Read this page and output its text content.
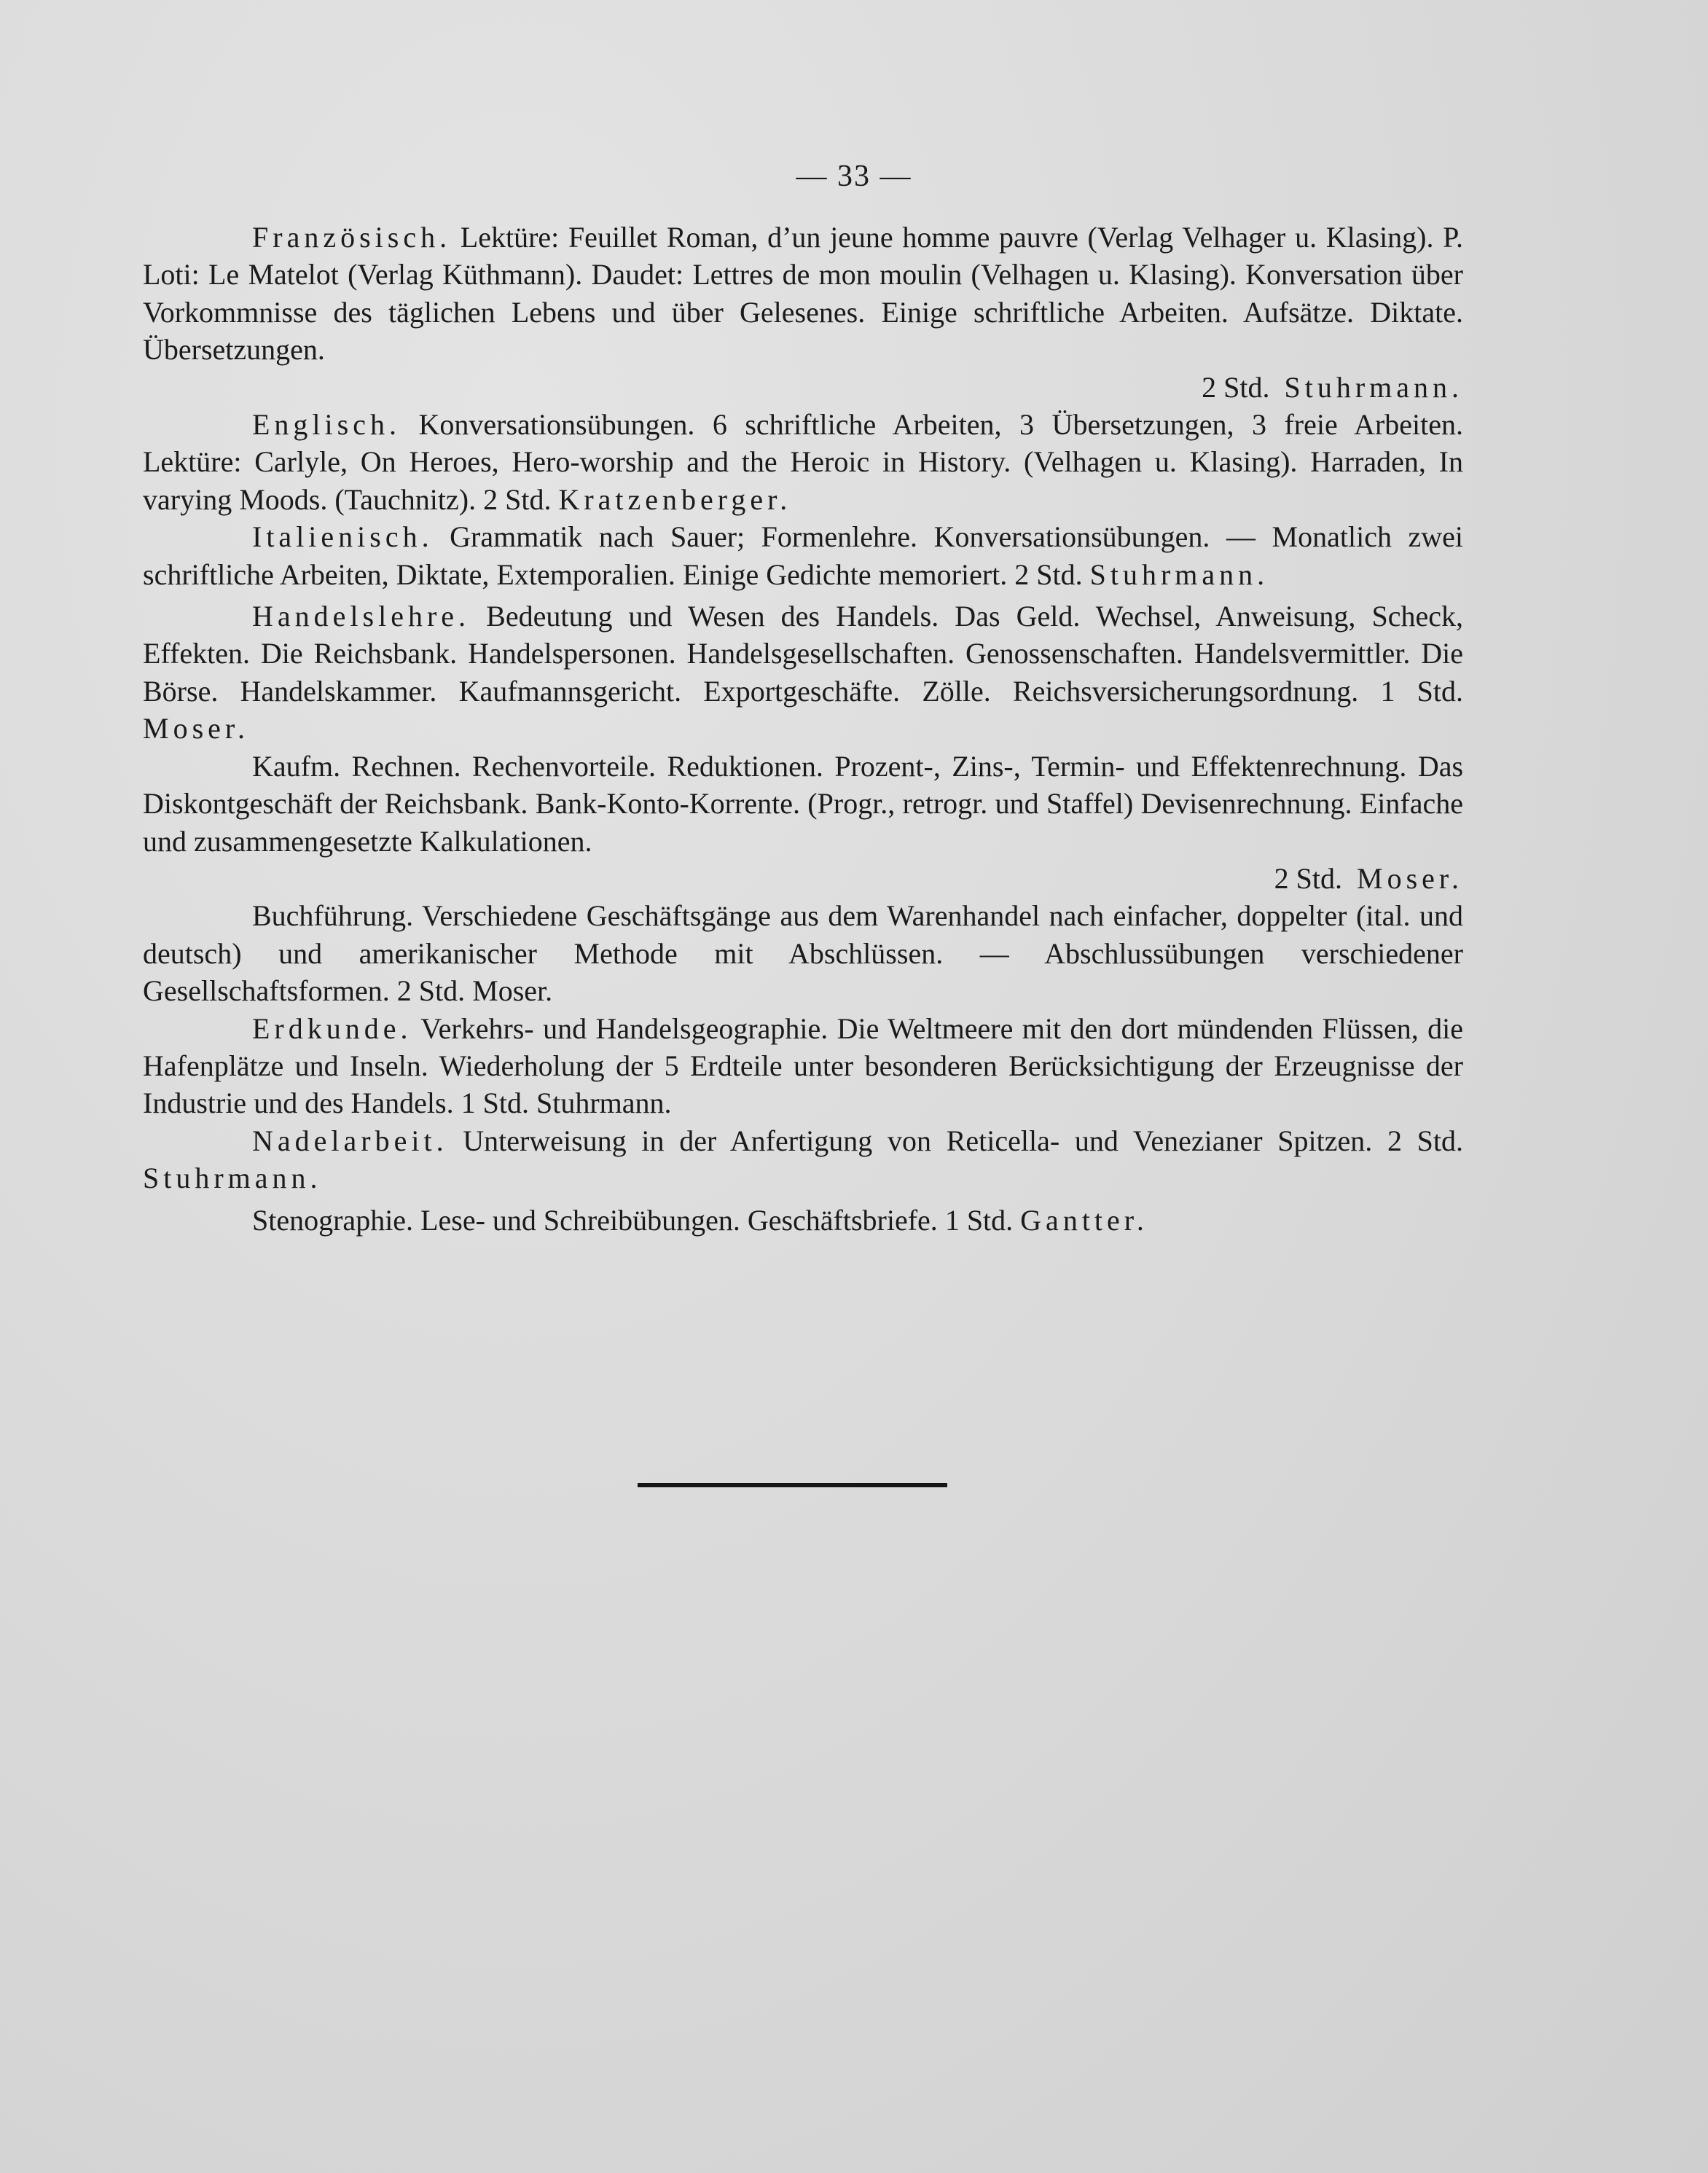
— 33 —

Französisch. Lektüre: Feuillet Roman, d’un jeune homme pauvre (Verlag Velhager u. Klasing). P. Loti: Le Matelot (Verlag Küthmann). Daudet: Lettres de mon moulin (Velhagen u. Klasing). Konversation über Vorkommnisse des täglichen Lebens und über Gelesenes. Einige schriftliche Arbeiten. Aufsätze. Diktate. Übersetzungen.
2 Std. Stuhrmann.

Englisch. Konversationsübungen. 6 schriftliche Arbeiten, 3 Übersetzungen, 3 freie Arbeiten. Lektüre: Carlyle, On Heroes, Hero-worship and the Heroic in History. (Velhagen u. Klasing). Harraden, In varying Moods. (Tauchnitz). 2 Std. Kratzenberger.

Italienisch. Grammatik nach Sauer; Formenlehre. Konversationsübungen. — Monatlich zwei schriftliche Arbeiten, Diktate, Extemporalien. Einige Gedichte memoriert. 2 Std. Stuhrmann.

Handelslehre. Bedeutung und Wesen des Handels. Das Geld. Wechsel, Anweisung, Scheck, Effekten. Die Reichsbank. Handelspersonen. Handelsgesellschaften. Genossenschaften. Handelsvermittler. Die Börse. Handelskammer. Kaufmannsgericht. Exportgeschäfte. Zölle. Reichsversicherungsordnung. 1 Std. Moser.

Kaufm. Rechnen. Rechenvorteile. Reduktionen. Prozent-, Zins-, Termin- und Effektenrechnung. Das Diskontgeschäft der Reichsbank. Bank-Konto-Korrente. (Progr., retrogr. und Staffel) Devisenrechnung. Einfache und zusammengesetzte Kalkulationen.
2 Std. Moser.

Buchführung. Verschiedene Geschäftsgänge aus dem Warenhandel nach einfacher, doppelter (ital. und deutsch) und amerikanischer Methode mit Abschlüssen. — Abschlussübungen verschiedener Gesellschaftsformen. 2 Std. Moser.

Erdkunde. Verkehrs- und Handelsgeographie. Die Weltmeere mit den dort mündenden Flüssen, die Hafenplätze und Inseln. Wiederholung der 5 Erdteile unter besonderen Berücksichtigung der Erzeugnisse der Industrie und des Handels. 1 Std. Stuhrmann.

Nadelarbeit. Unterweisung in der Anfertigung von Reticella- und Venezianer Spitzen. 2 Std. Stuhrmann.

Stenographie. Lese- und Schreibübungen. Geschäftsbriefe. 1 Std. Gantter.
